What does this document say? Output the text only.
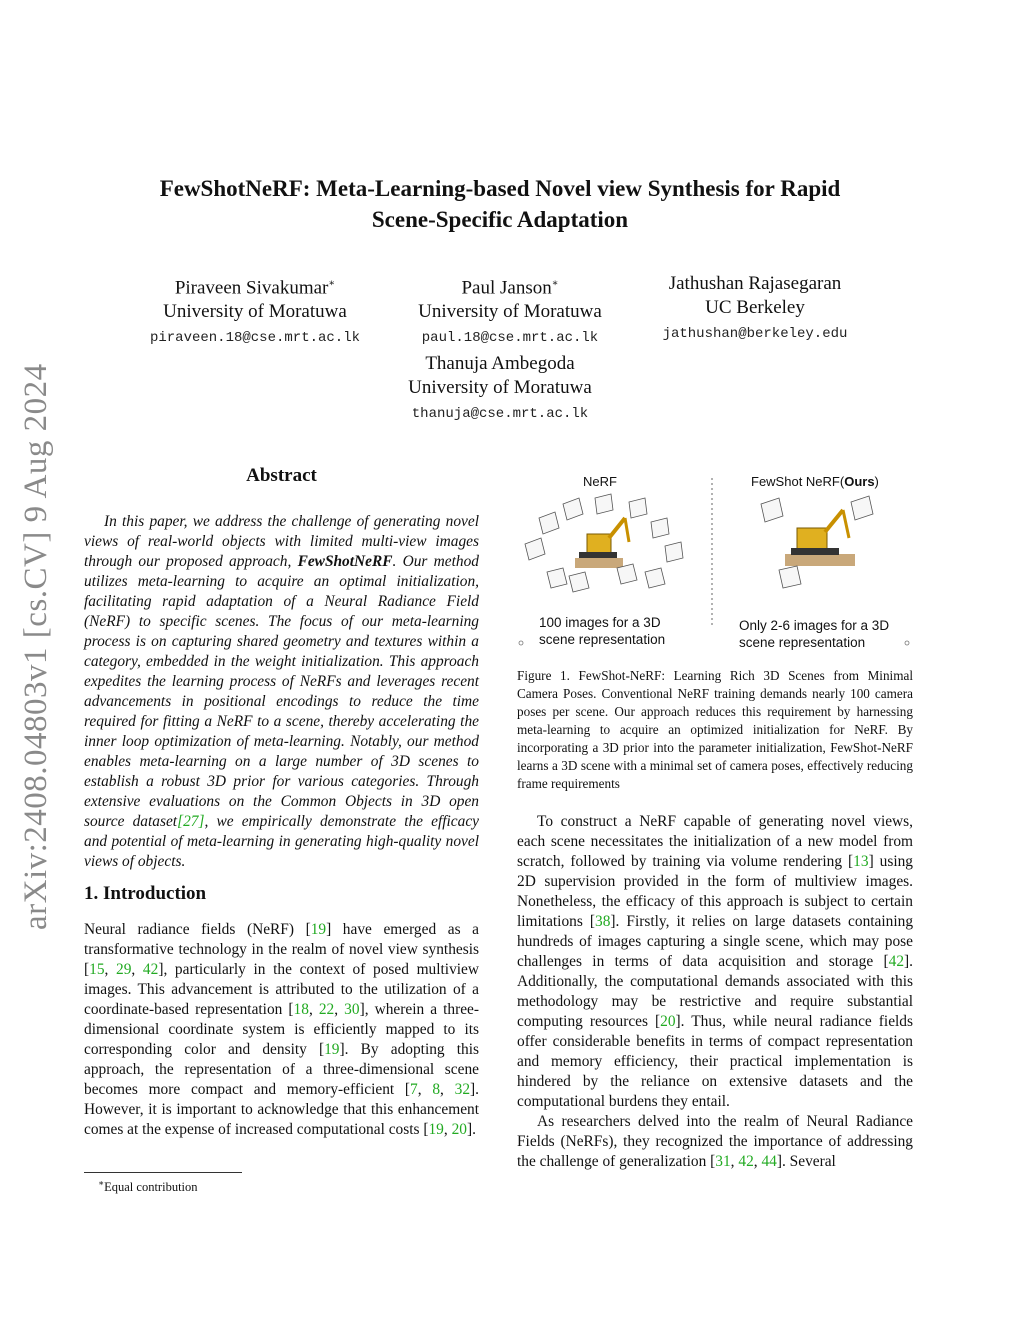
arXiv:2408.04803v1 [cs.CV] 9 Aug 2024
FewShotNeRF: Meta-Learning-based Novel view Synthesis for Rapid
Scene-Specific Adaptation
Piraveen Sivakumar∗
University of Moratuwa
piraveen.18@cse.mrt.ac.lk
Paul Janson∗
University of Moratuwa
paul.18@cse.mrt.ac.lk
Jathushan Rajasegaran
UC Berkeley
jathushan@berkeley.edu
Thanuja Ambegoda
University of Moratuwa
thanuja@cse.mrt.ac.lk
Abstract
In this paper, we address the challenge of generating novel views of real-world objects with limited multi-view images through our proposed approach, FewShotNeRF. Our method utilizes meta-learning to acquire an optimal initialization, facilitating rapid adaptation of a Neural Radiance Field (NeRF) to specific scenes. The focus of our meta-learning process is on capturing shared geometry and textures within a category, embedded in the weight initialization. This approach expedites the learning process of NeRFs and leverages recent advancements in positional encodings to reduce the time required for fitting a NeRF to a scene, thereby accelerating the inner loop optimization of meta-learning. Notably, our method enables meta-learning on a large number of 3D scenes to establish a robust 3D prior for various categories. Through extensive evaluations on the Common Objects in 3D open source dataset[27], we empirically demonstrate the efficacy and potential of meta-learning in generating high-quality novel views of objects.
1. Introduction

Neural radiance fields (NeRF) [19] have emerged as a transformative technology in the realm of novel view synthesis [15, 29, 42], particularly in the context of posed multiview images. This advancement is attributed to the utilization of a coordinate-based representation [18, 22, 30], wherein a three-dimensional coordinate system is efficiently mapped to its corresponding color and density [19]. By adopting this approach, the representation of a three-dimensional scene becomes more compact and memory-efficient [7, 8, 32]. However, it is important to acknowledge that this enhancement comes at the expense of increased computational costs [19, 20].

NeRF	FewShot NeRF(Ours)
100 images for a 3D
scene representation
Only 2-6 images for a 3D
scene representation
Figure 1. FewShot-NeRF: Learning Rich 3D Scenes from Minimal Camera Poses. Conventional NeRF training demands nearly 100 camera poses per scene. Our approach reduces this requirement by harnessing meta-learning to acquire an optimized initialization for NeRF. By incorporating a 3D prior into the parameter initialization, FewShot-NeRF learns a 3D scene with a minimal set of camera poses, effectively reducing frame requirements

To construct a NeRF capable of generating novel views, each scene necessitates the initialization of a new model from scratch, followed by training via volume rendering [13] using 2D supervision provided in the form of multiview images. Nonetheless, the efficacy of this approach is subject to certain limitations [38]. Firstly, it relies on large datasets containing hundreds of images capturing a single scene, which may pose challenges in terms of data acquisition and storage [42]. Additionally, the computational demands associated with this methodology may be restrictive and require substantial computing resources [20]. Thus, while neural radiance fields offer considerable benefits in terms of compact representation and memory efficiency, their practical implementation is hindered by the reliance on extensive datasets and the computational burdens they entail.

As researchers delved into the realm of Neural Radiance Fields (NeRFs), they recognized the importance of addressing the challenge of generalization [31, 42, 44]. Several

∗Equal contribution
